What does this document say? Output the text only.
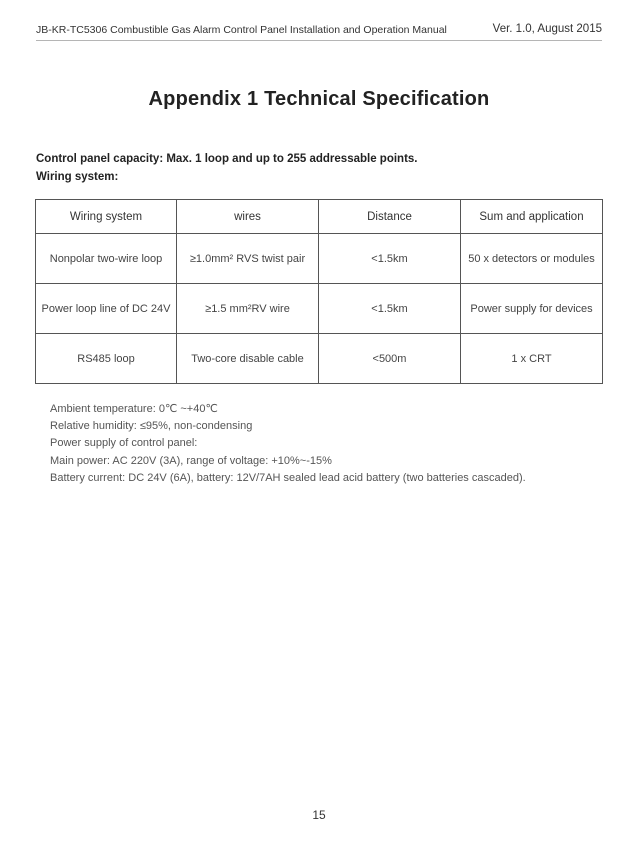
JB-KR-TC5306 Combustible Gas Alarm Control Panel Installation and Operation Manual	Ver. 1.0, August 2015
Appendix 1 Technical Specification
Control panel capacity: Max. 1 loop and up to 255 addressable points.
Wiring system:
Wiring system	wires	Distance	Sum and application
Nonpolar two-wire loop	≥1.0mm² RVS twist pair	<1.5km	50 x detectors or modules
Power loop line of DC 24V	≥1.5 mm²RV wire	<1.5km	Power supply for devices
RS485 loop	Two-core disable cable	<500m	1 x CRT
Ambient temperature: 0℃ ~+40℃
Relative humidity: ≤95%, non-condensing
Power supply of control panel:
Main power: AC 220V (3A), range of voltage: +10%~-15%
Battery current: DC 24V (6A), battery: 12V/7AH sealed lead acid battery (two batteries cascaded).
15
